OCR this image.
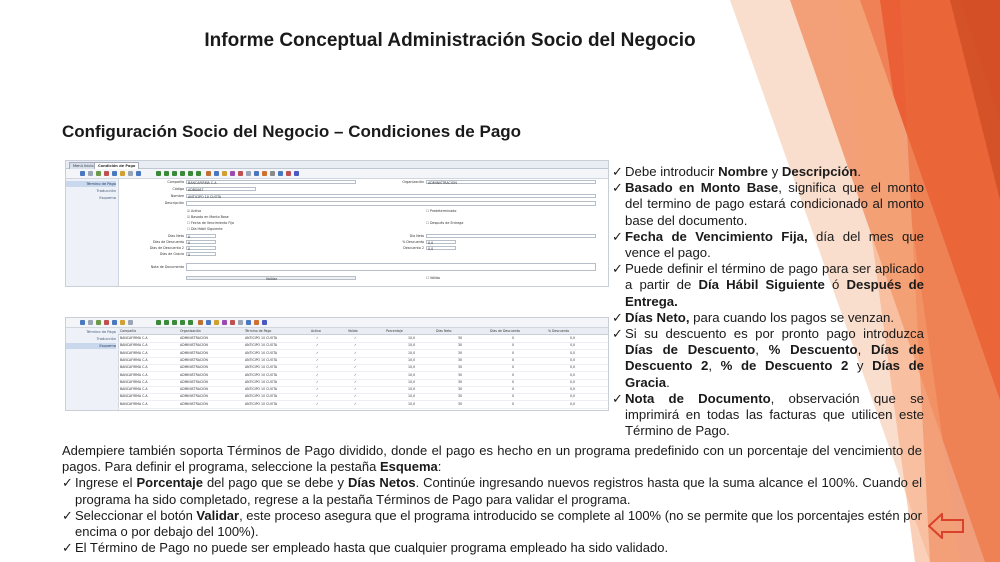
Informe Conceptual Administración Socio del Negocio
Configuración Socio del Negocio – Condiciones de Pago
Menú Inicio	Condición de Pago
Término de Pago
Traducción
Esquema
Compañía	BANCAFIRMA C.A	Organización	ADMINISTRACIÓN
Código	ADB0067
Nombre	ANTICIPO 10 CUOTA
Descripción
☑ Activo	☐ Predeterminado
☑ Basado en Monto Base
☐ Fecha de Vencimiento Fija	☐ Después de Entrega
☐ Día Hábil Siguiente
Días Neto	0	Día Neto
Días de Descuento	0	% Descuento	0,0
Días de Descuento 2	0	Descuento 2	0,0
Días de Gracia	0
Nota de Documento
Validar	☐ Válido
Término de Pago
Traducción
Esquema
Compañía	Organización	Término de Pago	Activo	Válido	Porcentaje	Días Neto	Días de Descuento	% Descuento
BANCAFIRMA C.A	ADMINISTRACIÓN	ANTICIPO 10 CUOTA	✓	✓	10,0	30	0	0,0
BANCAFIRMA C.A	ADMINISTRACIÓN	ANTICIPO 10 CUOTA	✓	✓	10,0	30	0	0,0
BANCAFIRMA C.A	ADMINISTRACIÓN	ANTICIPO 10 CUOTA	✓	✓	10,0	30	0	0,0
BANCAFIRMA C.A	ADMINISTRACIÓN	ANTICIPO 10 CUOTA	✓	✓	10,0	30	0	0,0
BANCAFIRMA C.A	ADMINISTRACIÓN	ANTICIPO 10 CUOTA	✓	✓	10,0	30	0	0,0
BANCAFIRMA C.A	ADMINISTRACIÓN	ANTICIPO 10 CUOTA	✓	✓	10,0	30	0	0,0
BANCAFIRMA C.A	ADMINISTRACIÓN	ANTICIPO 10 CUOTA	✓	✓	10,0	30	0	0,0
BANCAFIRMA C.A	ADMINISTRACIÓN	ANTICIPO 10 CUOTA	✓	✓	10,0	30	0	0,0
BANCAFIRMA C.A	ADMINISTRACIÓN	ANTICIPO 10 CUOTA	✓	✓	10,0	30	0	0,0
BANCAFIRMA C.A	ADMINISTRACIÓN	ANTICIPO 10 CUOTA	✓	✓	10,0	30	0	0,0
✓ Debe introducir Nombre y Descripción.
✓ Basado en Monto Base, significa que el monto del termino de pago estará condicionado al monto base del documento.
✓ Fecha de Vencimiento Fija, día del mes que vence el pago.
✓ Puede definir el término de pago para ser aplicado a partir de Día Hábil Siguiente ó Después de Entrega.
✓ Días Neto, para cuando los pagos se venzan.
✓ Si su descuento es por pronto pago introduzca Días de Descuento, % Descuento, Días de Descuento 2, % de Descuento 2 y Días de Gracia.
✓ Nota de Documento, observación que se imprimirá en todas las facturas que utilicen este Término de Pago.

Adempiere también soporta Términos de Pago dividido, donde el pago es hecho en un programa predefinido con un porcentaje del vencimiento de pagos. Para definir el programa, seleccione la pestaña Esquema:

✓ Ingrese el Porcentaje del pago que se debe y Días Netos. Continúe ingresando nuevos registros hasta que la suma alcance el 100%. Cuando el programa ha sido completado, regrese a la pestaña Términos de Pago para validar el programa.
✓ Seleccionar el botón Validar, este proceso asegura que el programa introducido se complete al 100% (no se permite que los porcentajes estén por encima o por debajo del 100%).
✓ El Término de Pago no puede ser empleado hasta que cualquier programa empleado ha sido validado.
